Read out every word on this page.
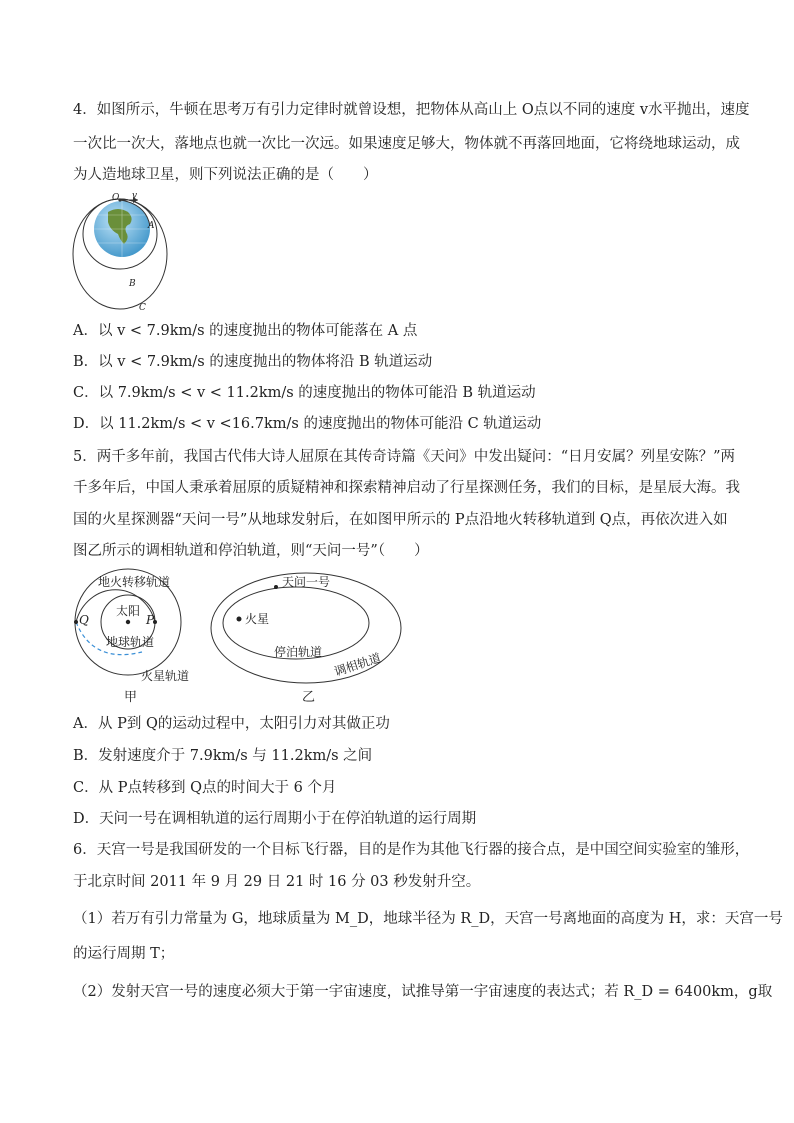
4．如图所示，牛顿在思考万有引力定律时就曾设想，把物体从高山上 O点以不同的速度 v水平抛出，速度
一次比一次大，落地点也就一次比一次远。如果速度足够大，物体就不再落回地面，它将绕地球运动，成
为人造地球卫星，则下列说法正确的是（　　）
O v
A
B
C
A．以 v < 7.9km/s 的速度抛出的物体可能落在 A 点
B．以 v < 7.9km/s 的速度抛出的物体将沿 B 轨道运动
C．以 7.9km/s < v < 11.2km/s 的速度抛出的物体可能沿 B 轨道运动
D．以 11.2km/s < v <16.7km/s 的速度抛出的物体可能沿 C 轨道运动
5．两千多年前，我国古代伟大诗人屈原在其传奇诗篇《天问》中发出疑问：“日月安属？列星安陈？”两
千多年后，中国人秉承着屈原的质疑精神和探索精神启动了行星探测任务，我们的目标，是星辰大海。我
国的火星探测器“天问一号”从地球发射后，在如图甲所示的 P点沿地火转移轨道到 Q点，再依次进入如
图乙所示的调相轨道和停泊轨道，则“天问一号”（　　）
地火转移轨道
太阳
地球轨道
火星轨道
Q	P
甲
天问一号
火星
停泊轨道 调相轨道
乙
A．从 P到 Q的运动过程中，太阳引力对其做正功
B．发射速度介于 7.9km/s 与 11.2km/s 之间
C．从 P点转移到 Q点的时间大于 6 个月
D．天问一号在调相轨道的运行周期小于在停泊轨道的运行周期
6．天宫一号是我国研发的一个目标飞行器，目的是作为其他飞行器的接合点，是中国空间实验室的雏形，
于北京时间 2011 年 9 月 29 日 21 时 16 分 03 秒发射升空。
（1）若万有引力常量为 G，地球质量为 M_D，地球半径为 R_D，天宫一号离地面的高度为 H，求：天宫一号
的运行周期 T；
（2）发射天宫一号的速度必须大于第一宇宙速度，试推导第一宇宙速度的表达式；若 R_D = 6400km，g取
